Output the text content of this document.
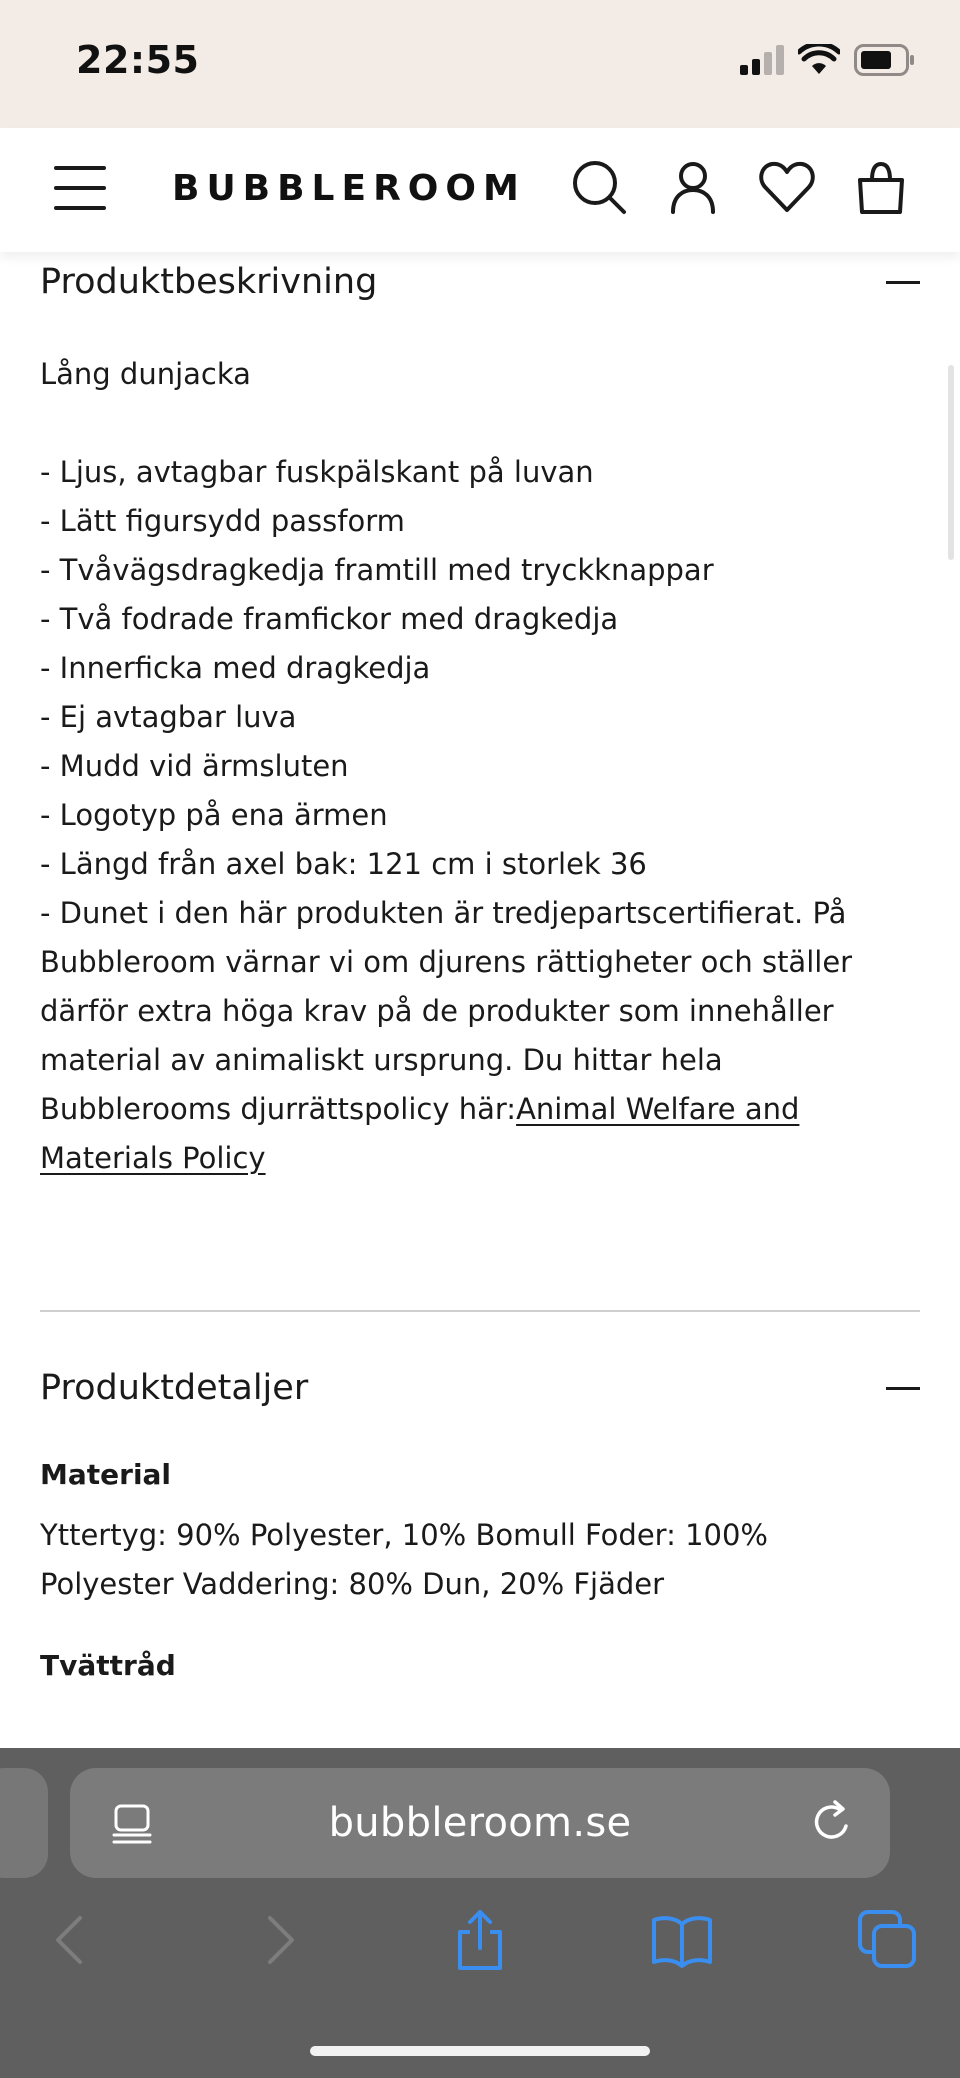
22:55
BUBBLEROOM
Produktbeskrivning
Lång dunjacka
- Ljus, avtagbar fuskpälskant på luvan
- Lätt figursydd passform
- Tvåvägsdragkedja framtill med tryckknappar
- Två fodrade framfickor med dragkedja
- Innerficka med dragkedja
- Ej avtagbar luva
- Mudd vid ärmsluten
- Logotyp på ena ärmen
- Längd från axel bak: 121 cm i storlek 36
- Dunet i den här produkten är tredjepartscertifierat. På Bubbleroom värnar vi om djurens rättigheter och ställer därför extra höga krav på de produkter som innehåller material av animaliskt ursprung. Du hittar hela Bubblerooms djurrättspolicy här:Animal Welfare and Materials Policy
Produktdetaljer
Material
Yttertyg: 90% Polyester, 10% Bomull Foder: 100% Polyester Vaddering: 80% Dun, 20% Fjäder
Tvättråd
bubbleroom.se
